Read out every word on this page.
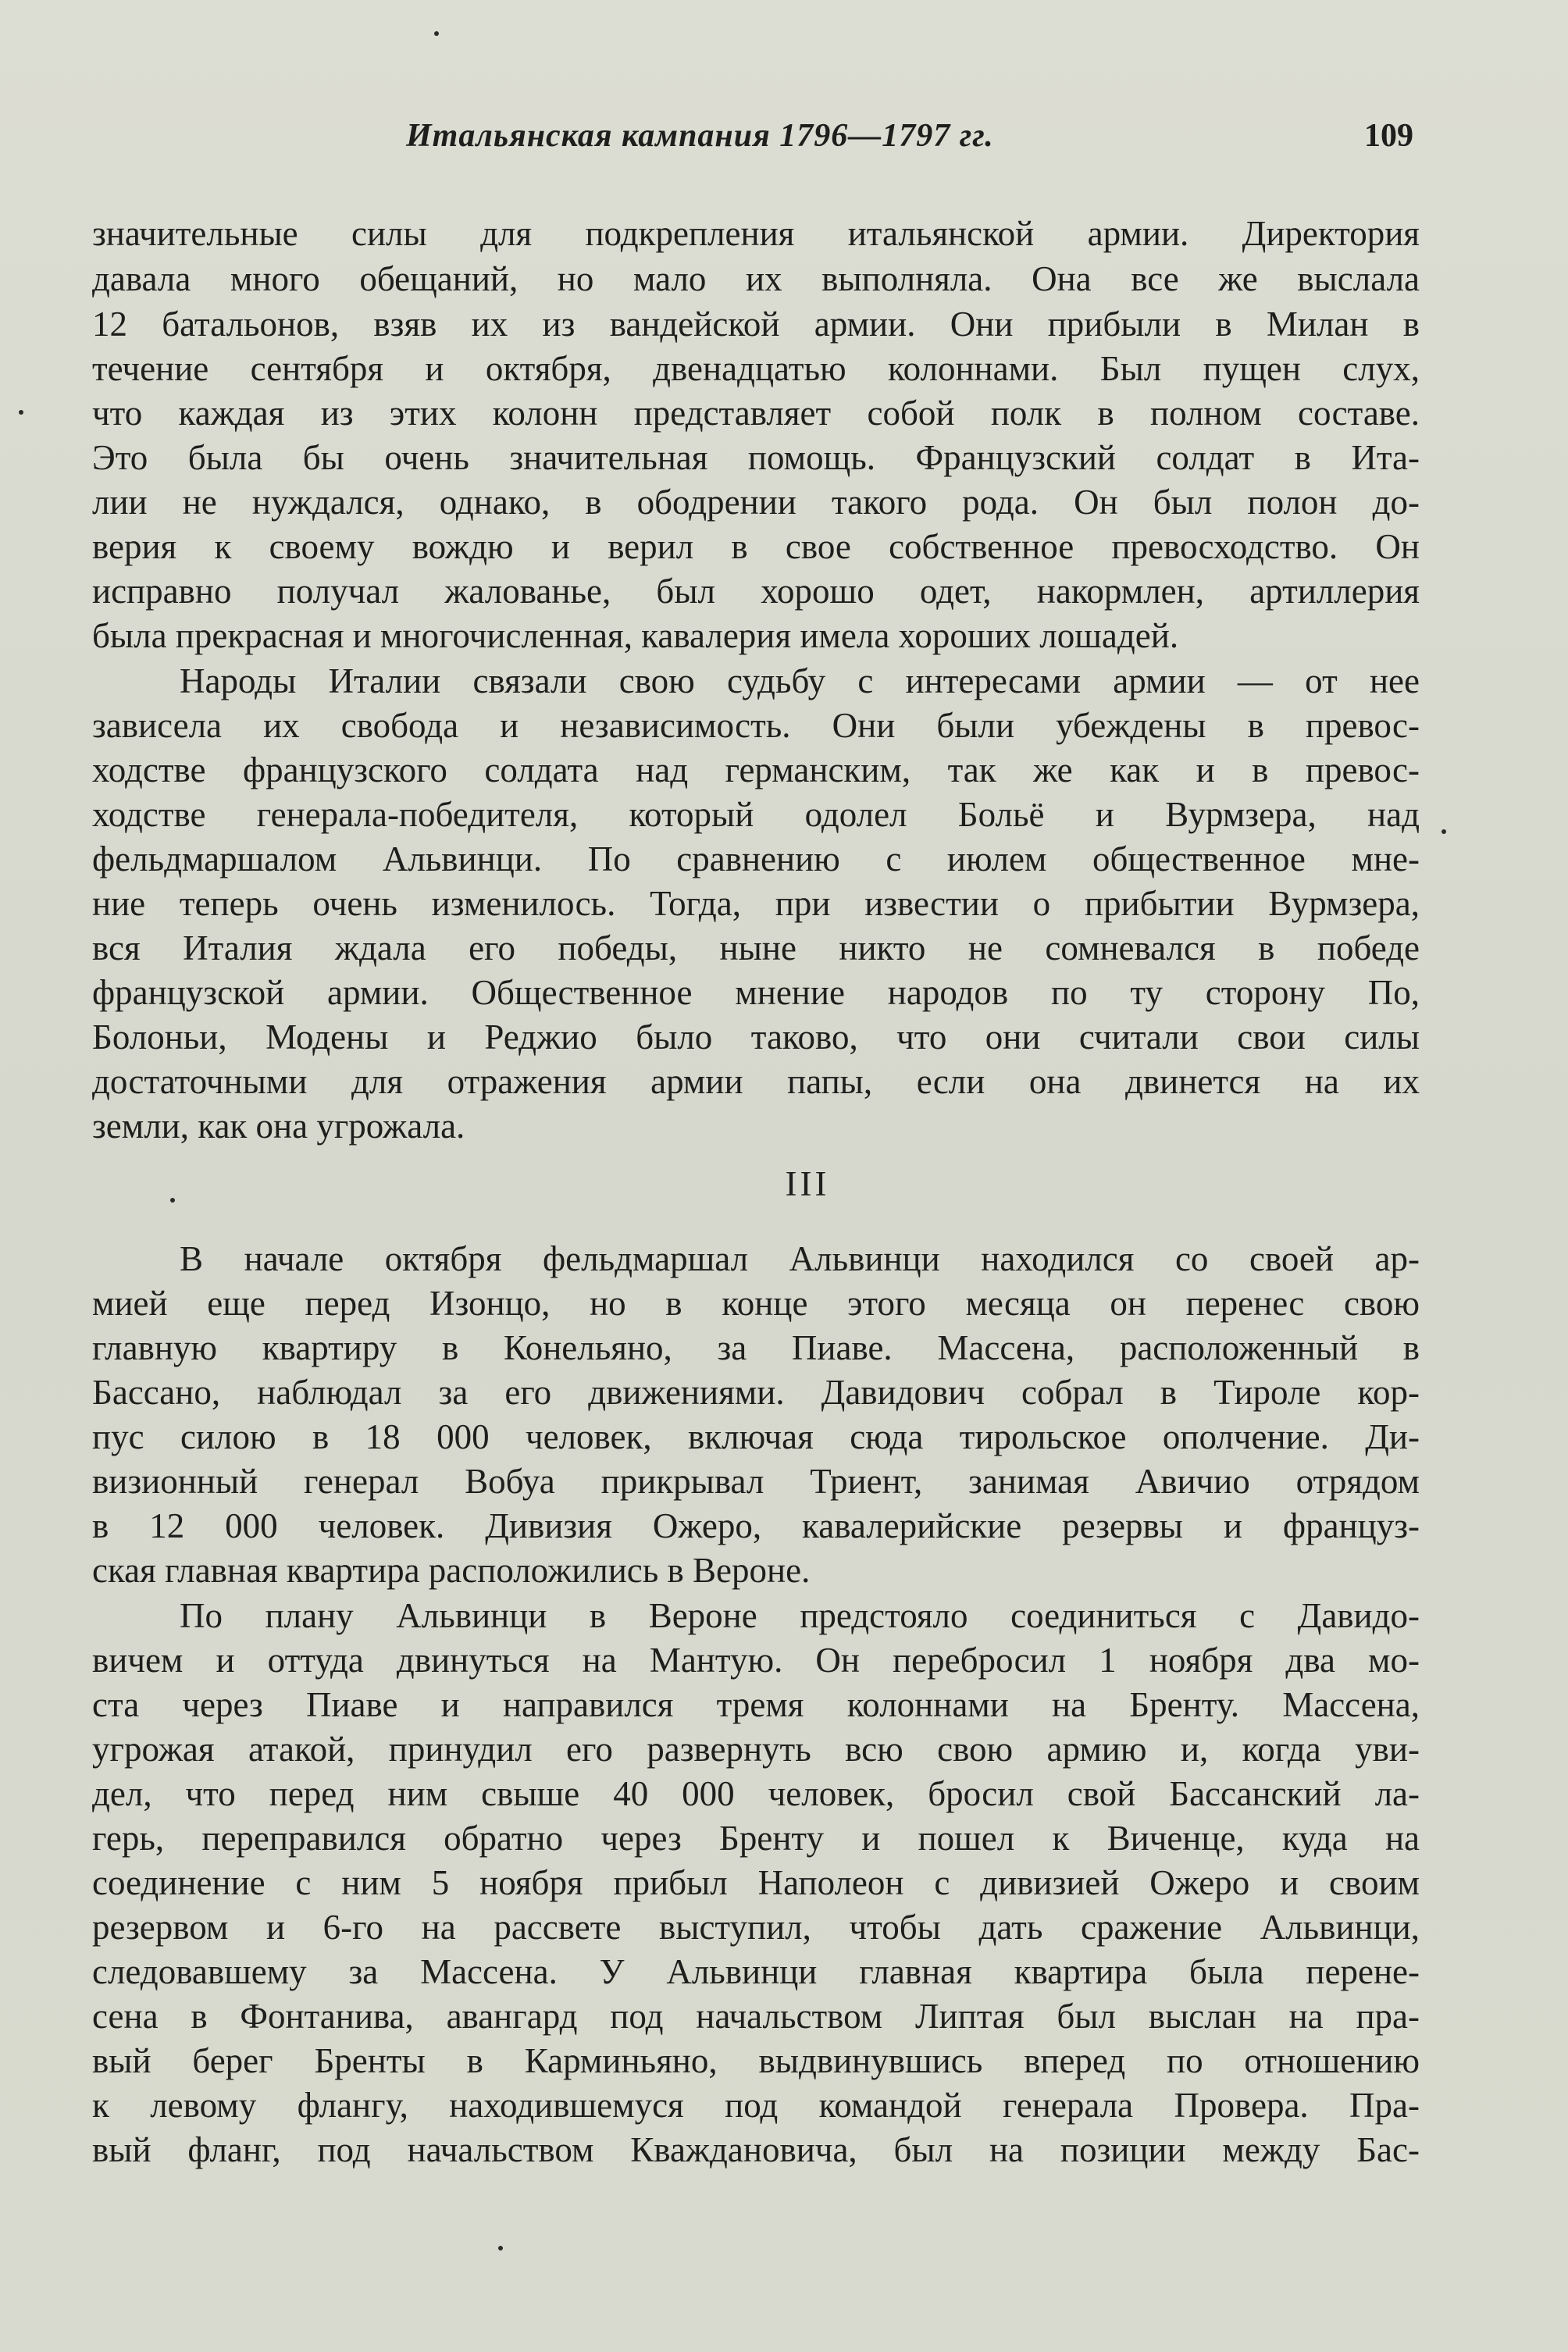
Итальянская кампания 1796—1797 гг.	109
значительные силы для подкрепления итальянской армии. Директория
давала много обещаний, но мало их выполняла. Она все же выслала
12 батальонов, взяв их из вандейской армии. Они прибыли в Милан в
течение сентября и октября, двенадцатью колоннами. Был пущен слух,
что каждая из этих колонн представляет собой полк в полном составе.
Это была бы очень значительная помощь. Французский солдат в Ита-
лии не нуждался, однако, в ободрении такого рода. Он был полон до-
верия к своему вождю и верил в свое собственное превосходство. Он
исправно получал жалованье, был хорошо одет, накормлен, артиллерия
была прекрасная и многочисленная, кавалерия имела хороших лошадей.
Народы Италии связали свою судьбу с интересами армии — от нее
зависела их свобода и независимость. Они были убеждены в превос-
ходстве французского солдата над германским, так же как и в превос-
ходстве генерала-победителя, который одолел Больё и Вурмзера, над
фельдмаршалом Альвинци. По сравнению с июлем общественное мне-
ние теперь очень изменилось. Тогда, при известии о прибытии Вурмзера,
вся Италия ждала его победы, ныне никто не сомневался в победе
французской армии. Общественное мнение народов по ту сторону По,
Болоньи, Модены и Реджио было таково, что они считали свои силы
достаточными для отражения армии папы, если она двинется на их
земли, как она угрожала.
III
В начале октября фельдмаршал Альвинци находился со своей ар-
мией еще перед Изонцо, но в конце этого месяца он перенес свою
главную квартиру в Конельяно, за Пиаве. Массена, расположенный в
Бассано, наблюдал за его движениями. Давидович собрал в Тироле кор-
пус силою в 18 000 человек, включая сюда тирольское ополчение. Ди-
визионный генерал Вобуа прикрывал Триент, занимая Авичио отрядом
в 12 000 человек. Дивизия Ожеро, кавалерийские резервы и француз-
ская главная квартира расположились в Вероне.
По плану Альвинци в Вероне предстояло соединиться с Давидо-
вичем и оттуда двинуться на Мантую. Он перебросил 1 ноября два мо-
ста через Пиаве и направился тремя колоннами на Бренту. Массена,
угрожая атакой, принудил его развернуть всю свою армию и, когда уви-
дел, что перед ним свыше 40 000 человек, бросил свой Бассанский ла-
герь, переправился обратно через Бренту и пошел к Виченце, куда на
соединение с ним 5 ноября прибыл Наполеон с дивизией Ожеро и своим
резервом и 6-го на рассвете выступил, чтобы дать сражение Альвинци,
следовавшему за Массена. У Альвинци главная квартира была перене-
сена в Фонтанива, авангард под начальством Липтая был выслан на пра-
вый берег Бренты в Карминьяно, выдвинувшись вперед по отношению
к левому флангу, находившемуся под командой генерала Провера. Пра-
вый фланг, под начальством Кваждановича, был на позиции между Бас-
